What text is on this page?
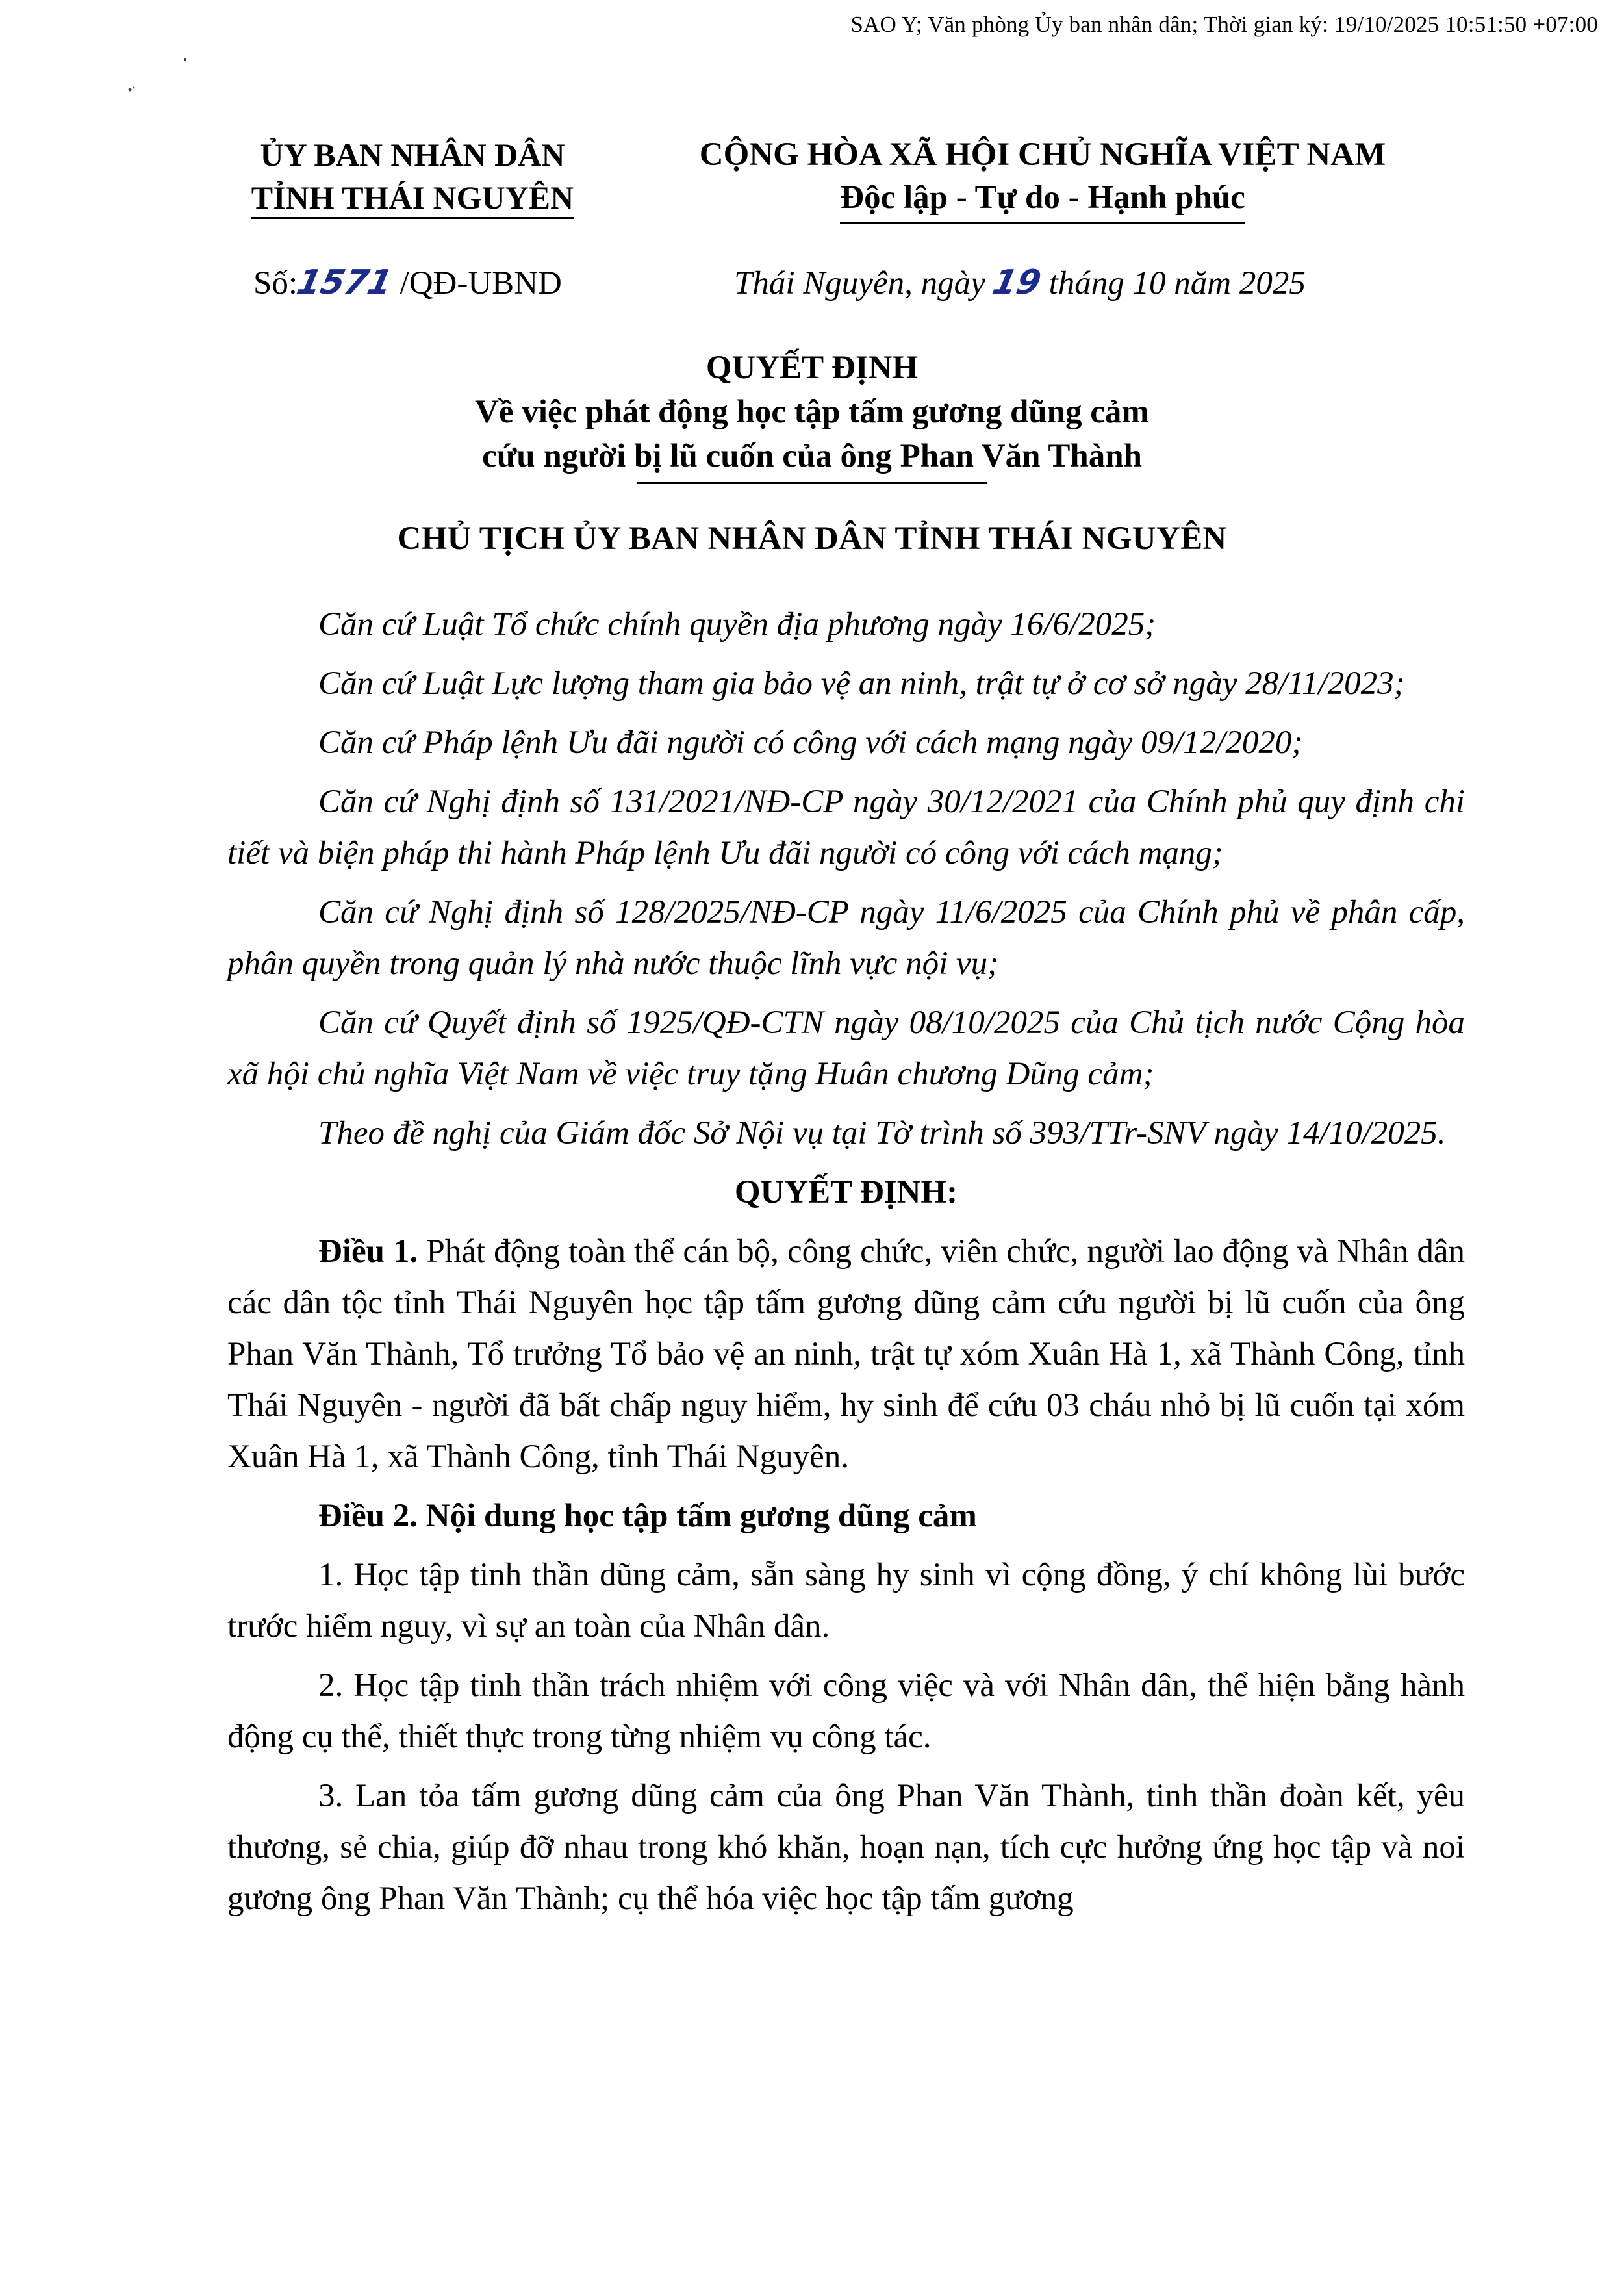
SAO Y; Văn phòng Ủy ban nhân dân; Thời gian ký: 19/10/2025 10:51:50 +07:00
ỦY BAN NHÂN DÂN
TỈNH THÁI NGUYÊN
CỘNG HÒA XÃ HỘI CHỦ NGHĨA VIỆT NAM
Độc lập - Tự do - Hạnh phúc
Số:1571 /QĐ-UBND	Thái Nguyên, ngày 19 tháng 10 năm 2025
QUYẾT ĐỊNH
Về việc phát động học tập tấm gương dũng cảm
cứu người bị lũ cuốn của ông Phan Văn Thành
CHỦ TỊCH ỦY BAN NHÂN DÂN TỈNH THÁI NGUYÊN

Căn cứ Luật Tổ chức chính quyền địa phương ngày 16/6/2025;

Căn cứ Luật Lực lượng tham gia bảo vệ an ninh, trật tự ở cơ sở ngày 28/11/2023;

Căn cứ Pháp lệnh Ưu đãi người có công với cách mạng ngày 09/12/2020;

Căn cứ Nghị định số 131/2021/NĐ-CP ngày 30/12/2021 của Chính phủ quy định chi tiết và biện pháp thi hành Pháp lệnh Ưu đãi người có công với cách mạng;

Căn cứ Nghị định số 128/2025/NĐ-CP ngày 11/6/2025 của Chính phủ về phân cấp, phân quyền trong quản lý nhà nước thuộc lĩnh vực nội vụ;

Căn cứ Quyết định số 1925/QĐ-CTN ngày 08/10/2025 của Chủ tịch nước Cộng hòa xã hội chủ nghĩa Việt Nam về việc truy tặng Huân chương Dũng cảm;

Theo đề nghị của Giám đốc Sở Nội vụ tại Tờ trình số 393/TTr-SNV ngày 14/10/2025.

QUYẾT ĐỊNH:

Điều 1. Phát động toàn thể cán bộ, công chức, viên chức, người lao động và Nhân dân các dân tộc tỉnh Thái Nguyên học tập tấm gương dũng cảm cứu người bị lũ cuốn của ông Phan Văn Thành, Tổ trưởng Tổ bảo vệ an ninh, trật tự xóm Xuân Hà 1, xã Thành Công, tỉnh Thái Nguyên - người đã bất chấp nguy hiểm, hy sinh để cứu 03 cháu nhỏ bị lũ cuốn tại xóm Xuân Hà 1, xã Thành Công, tỉnh Thái Nguyên.

Điều 2. Nội dung học tập tấm gương dũng cảm

1. Học tập tinh thần dũng cảm, sẵn sàng hy sinh vì cộng đồng, ý chí không lùi bước trước hiểm nguy, vì sự an toàn của Nhân dân.

2. Học tập tinh thần trách nhiệm với công việc và với Nhân dân, thể hiện bằng hành động cụ thể, thiết thực trong từng nhiệm vụ công tác.

3. Lan tỏa tấm gương dũng cảm của ông Phan Văn Thành, tinh thần đoàn kết, yêu thương, sẻ chia, giúp đỡ nhau trong khó khăn, hoạn nạn, tích cực hưởng ứng học tập và noi gương ông Phan Văn Thành; cụ thể hóa việc học tập tấm gương
